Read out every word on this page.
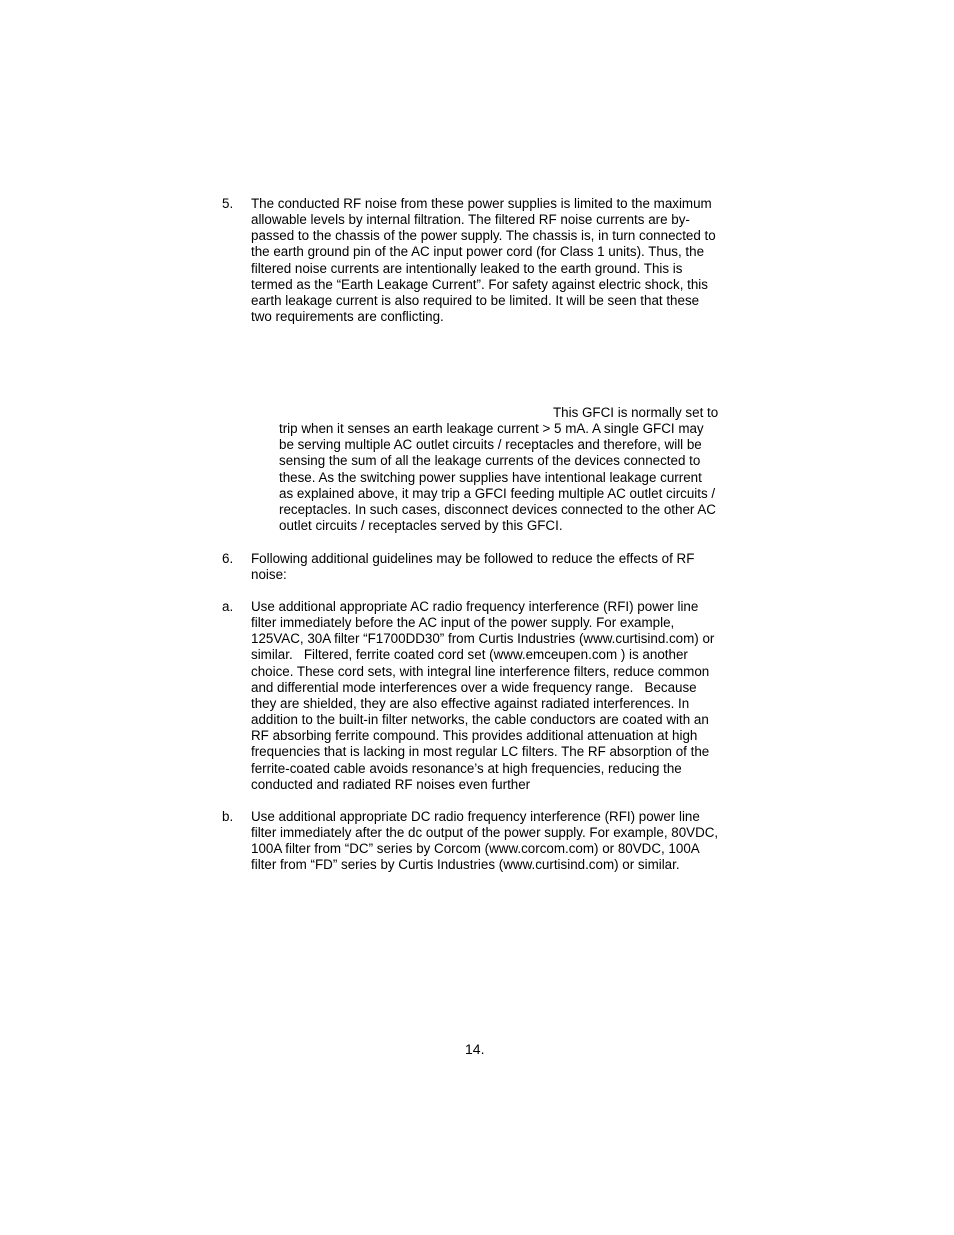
5. The conducted RF noise from these power supplies is limited to the maximum
allowable levels by internal filtration. The filtered RF noise currents are by-
passed to the chassis of the power supply. The chassis is, in turn connected to
the earth ground pin of the AC input power cord (for Class 1 units). Thus, the
filtered noise currents are intentionally leaked to the earth ground. This is
termed as the “Earth Leakage Current”. For safety against electric shock, this
earth leakage current is also required to be limited. It will be seen that these
two requirements are conflicting.
This GFCI is normally set to
trip when it senses an earth leakage current > 5 mA. A single GFCI may
be serving multiple AC outlet circuits / receptacles and therefore, will be
sensing the sum of all the leakage currents of the devices connected to
these. As the switching power supplies have intentional leakage current
as explained above, it may trip a GFCI feeding multiple AC outlet circuits /
receptacles. In such cases, disconnect devices connected to the other AC
outlet circuits / receptacles served by this GFCI.
6. Following additional guidelines may be followed to reduce the effects of RF
noise:
a. Use additional appropriate AC radio frequency interference (RFI) power line
filter immediately before the AC input of the power supply. For example,
125VAC, 30A filter “F1700DD30” from Curtis Industries (www.curtisind.com) or
similar.   Filtered, ferrite coated cord set (www.emceupen.com ) is another
choice. These cord sets, with integral line interference filters, reduce common
and differential mode interferences over a wide frequency range.   Because
they are shielded, they are also effective against radiated interferences. In
addition to the built-in filter networks, the cable conductors are coated with an
RF absorbing ferrite compound. This provides additional attenuation at high
frequencies that is lacking in most regular LC filters. The RF absorption of the
ferrite-coated cable avoids resonance’s at high frequencies, reducing the
conducted and radiated RF noises even further
b. Use additional appropriate DC radio frequency interference (RFI) power line
filter immediately after the dc output of the power supply. For example, 80VDC,
100A filter from “DC” series by Corcom (www.corcom.com) or 80VDC, 100A
filter from “FD” series by Curtis Industries (www.curtisind.com) or similar.
14.
